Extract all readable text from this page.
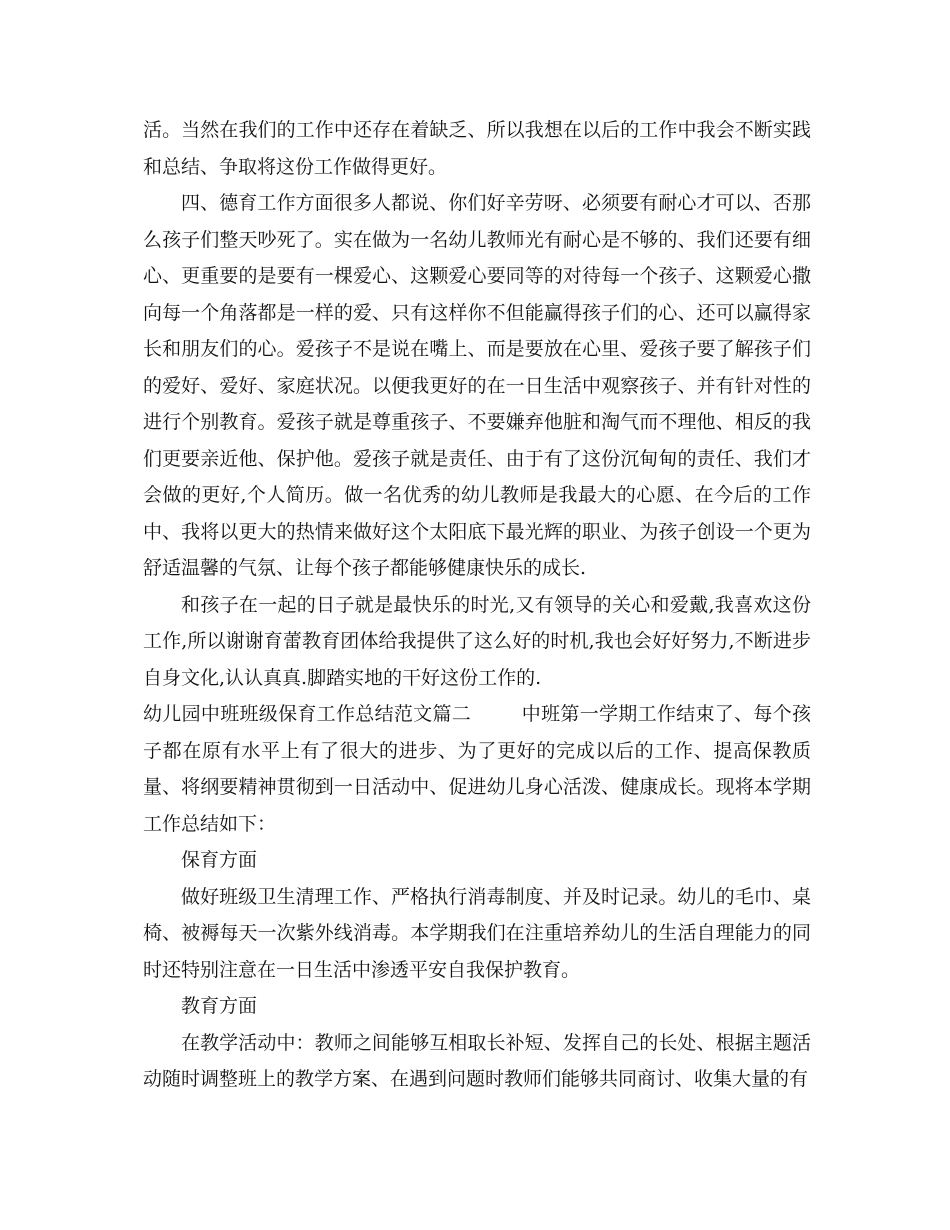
活。当然在我们的工作中还存在着缺乏、所以我想在以后的工作中我会不断实践和总结、争取将这份工作做得更好。

四、德育工作方面很多人都说、你们好辛劳呀、必须要有耐心才可以、否那么孩子们整天吵死了。实在做为一名幼儿教师光有耐心是不够的、我们还要有细心、更重要的是要有一棵爱心、这颗爱心要同等的对待每一个孩子、这颗爱心撒向每一个角落都是一样的爱、只有这样你不但能赢得孩子们的心、还可以赢得家长和朋友们的心。爱孩子不是说在嘴上、而是要放在心里、爱孩子要了解孩子们的爱好、爱好、家庭状况。以便我更好的在一日生活中观察孩子、并有针对性的进行个别教育。爱孩子就是尊重孩子、不要嫌弃他脏和淘气而不理他、相反的我们更要亲近他、保护他。爱孩子就是责任、由于有了这份沉甸甸的责任、我们才会做的更好,个人简历。做一名优秀的幼儿教师是我最大的心愿、在今后的工作中、我将以更大的热情来做好这个太阳底下最光辉的职业、为孩子创设一个更为舒适温馨的气氛、让每个孩子都能够健康快乐的成长.

和孩子在一起的日子就是最快乐的时光,又有领导的关心和爱戴,我喜欢这份工作,所以谢谢育蕾教育团体给我提供了这么好的时机,我也会好好努力,不断进步自身文化,认认真真.脚踏实地的干好这份工作的.

幼儿园中班班级保育工作总结范文篇二	中班第一学期工作结束了、每个孩子都在原有水平上有了很大的进步、为了更好的完成以后的工作、提高保教质量、将纲要精神贯彻到一日活动中、促进幼儿身心活泼、健康成长。现将本学期工作总结如下：

保育方面

做好班级卫生清理工作、严格执行消毒制度、并及时记录。幼儿的毛巾、桌椅、被褥每天一次紫外线消毒。本学期我们在注重培养幼儿的生活自理能力的同时还特别注意在一日生活中渗透平安自我保护教育。

教育方面

在教学活动中：教师之间能够互相取长补短、发挥自己的长处、根据主题活动随时调整班上的教学方案、在遇到问题时教师们能够共同商讨、收集大量的有
